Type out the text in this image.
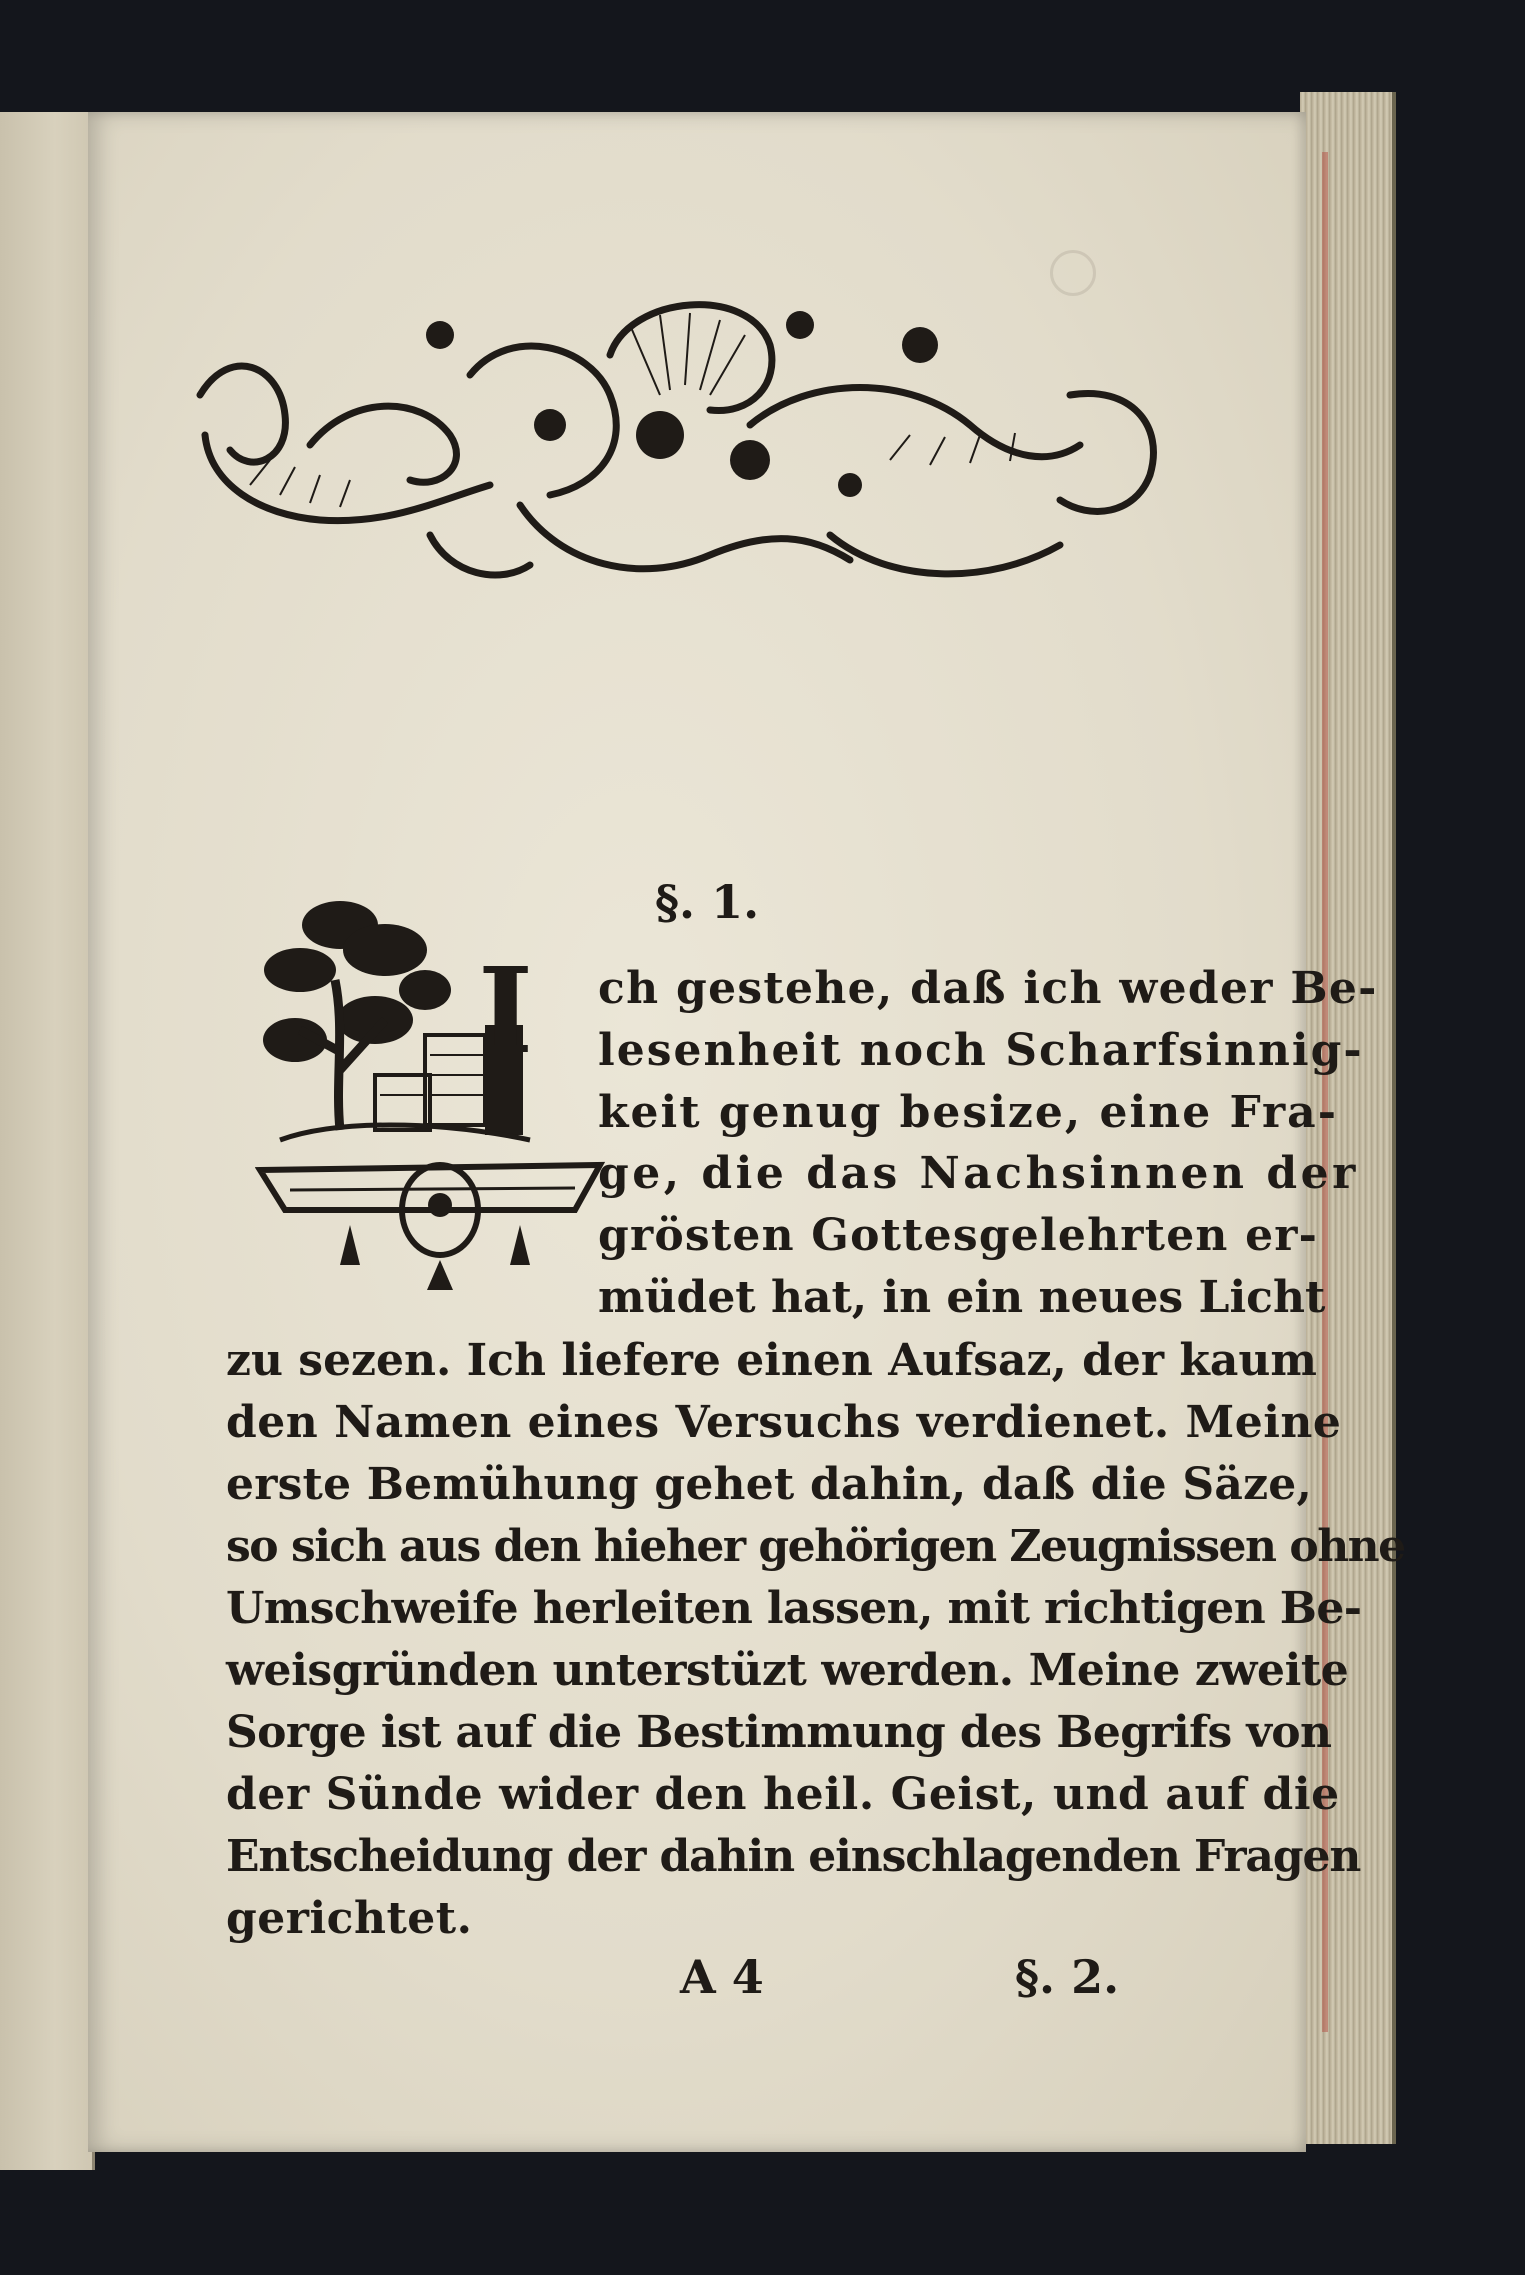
§. 1.

I ch gestehe, daß ich weder Be-

lesenheit noch Scharfsinnig-

keit genug besize, eine Fra-

ge, die das Nachsinnen der

grösten Gottesgelehrten er-

müdet hat, in ein neues Licht

zu sezen. Ich liefere einen Aufsaz, der kaum

den Namen eines Versuchs verdienet. Meine

erste Bemühung gehet dahin, daß die Säze,

so sich aus den hieher gehörigen Zeugnissen ohne

Umschweife herleiten lassen, mit richtigen Be-

weisgründen unterstüzt werden. Meine zweite

Sorge ist auf die Bestimmung des Begrifs von

der Sünde wider den heil. Geist, und auf die

Entscheidung der dahin einschlagenden Fragen

gerichtet.

A 4	§. 2.
